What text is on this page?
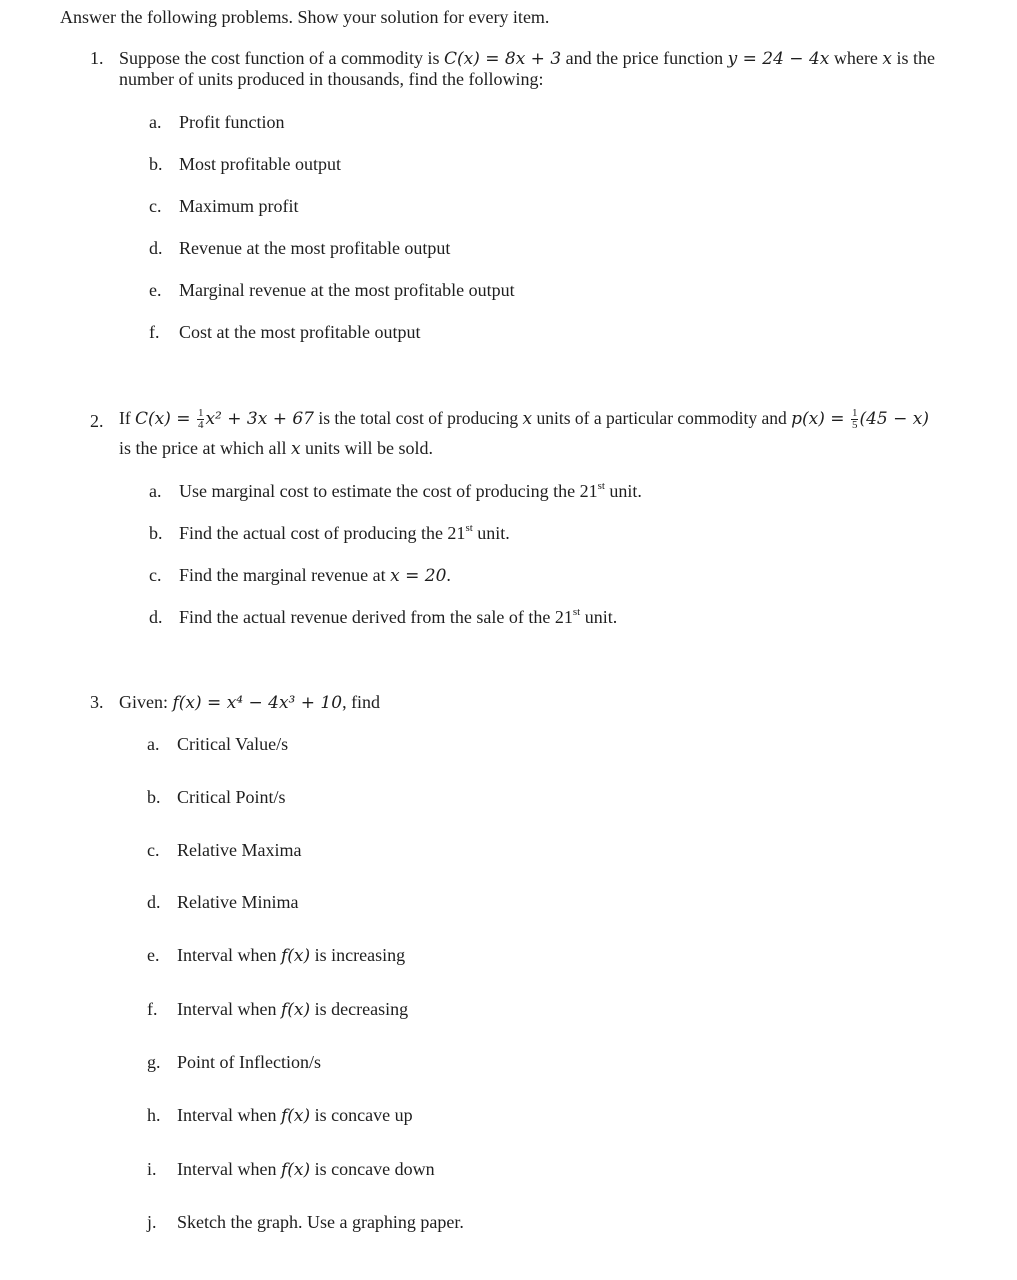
Answer the following problems. Show your solution for every item.
1. Suppose the cost function of a commodity is C(x) = 8x + 3 and the price function y = 24 − 4x where x is the
number of units produced in thousands, find the following:
a. Profit function
b. Most profitable output
c. Maximum profit
d. Revenue at the most profitable output
e. Marginal revenue at the most profitable output
f. Cost at the most profitable output
2. If $C(x) = \frac{1}{4} x^2 + 3x + 67$ is the total cost of producing x units of a particular commodity and $p(x) = \frac{1}{5} (45 - x)$
is the price at which all x units will be sold.
a. Use marginal cost to estimate the cost of producing the 21st unit.
b. Find the actual cost of producing the 21st unit.
c. Find the marginal revenue at x = 20.
d. Find the actual revenue derived from the sale of the 21st unit.
3. Given: f(x) = x⁴ − 4x³ + 10, find
a. Critical Value/s
b. Critical Point/s
c. Relative Maxima
d. Relative Minima
e. Interval when f(x) is increasing
f. Interval when f(x) is decreasing
g. Point of Inflection/s
h. Interval when f(x) is concave up
i. Interval when f(x) is concave down
j. Sketch the graph. Use a graphing paper.
